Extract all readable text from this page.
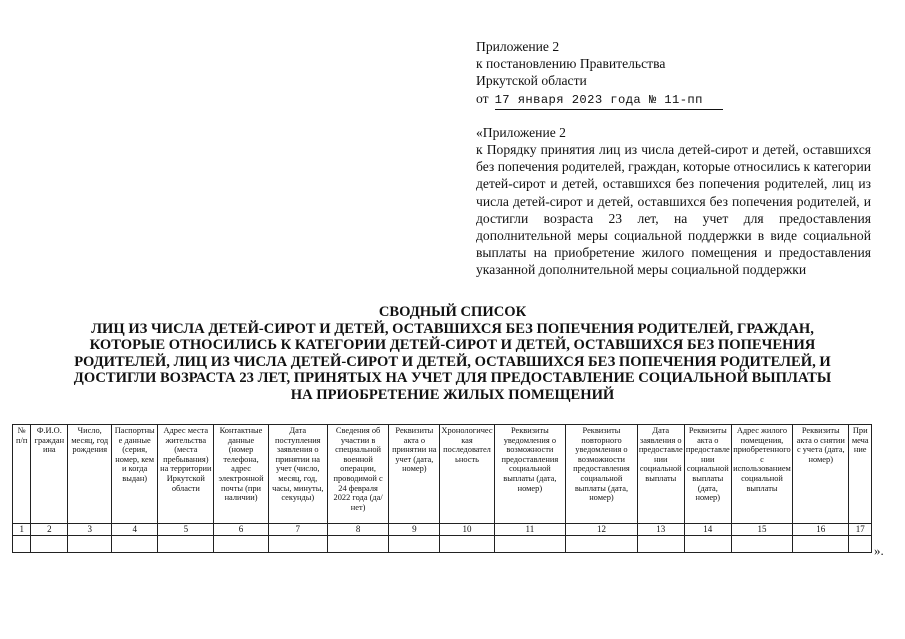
Приложение 2
к постановлению Правительства
Иркутской области
от 17 января 2023 года № 11-пп
«Приложение 2
к Порядку принятия лиц из числа детей-сирот и детей, оставшихся без попечения родителей, граждан, которые относились к категории детей-сирот и детей, оставшихся без попечения родителей, лиц из числа детей-сирот и детей, оставшихся без попечения родителей, и достигли возраста 23 лет, на учет для предоставления дополнительной меры социальной поддержки в виде социальной выплаты на приобретение жилого помещения и предоставления указанной дополнительной меры социальной поддержки
СВОДНЫЙ СПИСОК
ЛИЦ ИЗ ЧИСЛА ДЕТЕЙ-СИРОТ И ДЕТЕЙ, ОСТАВШИХСЯ БЕЗ ПОПЕЧЕНИЯ РОДИТЕЛЕЙ, ГРАЖДАН,
КОТОРЫЕ ОТНОСИЛИСЬ К КАТЕГОРИИ ДЕТЕЙ-СИРОТ И ДЕТЕЙ, ОСТАВШИХСЯ БЕЗ ПОПЕЧЕНИЯ
РОДИТЕЛЕЙ, ЛИЦ ИЗ ЧИСЛА ДЕТЕЙ-СИРОТ И ДЕТЕЙ, ОСТАВШИХСЯ БЕЗ ПОПЕЧЕНИЯ РОДИТЕЛЕЙ, И
ДОСТИГЛИ ВОЗРАСТА 23 ЛЕТ, ПРИНЯТЫХ НА УЧЕТ ДЛЯ ПРЕДОСТАВЛЕНИЕ СОЦИАЛЬНОЙ ВЫПЛАТЫ
НА ПРИОБРЕТЕНИЕ ЖИЛЫХ ПОМЕЩЕНИЙ
№ п/п	Ф.И.О. гражданина	Число, месяц, год рождения	Паспортные данные (серия, номер, кем и когда выдан)	Адрес места жительства (места пребывания) на территории Иркутской области	Контактные данные (номер телефона, адрес электронной почты (при наличии)	Дата поступления заявления о принятии на учет (число, месяц, год, часы, минуты, секунды)	Сведения об участии в специальной военной операции, проводимой с 24 февраля 2022 года (да/нет)	Реквизиты акта о принятии на учет (дата, номер)	Хронологическая последовательность	Реквизиты уведомления о возможности предоставления социальной выплаты (дата, номер)	Реквизиты повторного уведомления о возможности предоставления социальной выплаты (дата, номер)	Дата заявления о предоставлении социальной выплаты	Реквизиты акта о предоставлении социальной выплаты (дата, номер)	Адрес жилого помещения, приобретенного с использованием социальной выплаты	Реквизиты акта о снятии с учета (дата, номер)	Примечание
1	2	3	4	5	6	7	8	9	10	11	12	13	14	15	16	17

».
